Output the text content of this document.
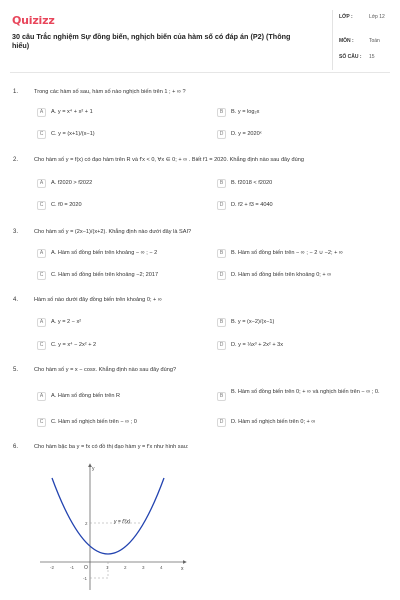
Quizizz
30 câu Trắc nghiệm Sự đồng biến, nghịch biến của hàm số có đáp án (P2) (Thông hiểu)
LỚP :	Lớp 12
MÔN :	Toán
SỐ CÂU : 15
1.	Trong các hàm số sau, hàm số nào nghịch biến trên 1 ; + ∞ ?
A	A. y = x⁴ + x² + 1	B	B. y = log₂x
C	C. y = (x+1)/(x−1)	D	D. y = 2020ˣ
2.	Cho hàm số y = f(x) có đạo hàm trên R và f′x < 0, ∀x ∈ 0; + ∞ . Biết f1 = 2020. Khẳng định nào sau đây đúng
A	A. f2020 > f2022	B	B. f2018 < f2020
C	C. f0 = 2020	D	D. f2 + f3 = 4040
3.	Cho hàm số y = (2x−1)/(x+2). Khẳng định nào dưới đây là SAI?
A	A. Hàm số đồng biến trên khoảng − ∞ ; − 2	B	B. Hàm số đồng biến trên − ∞ ; − 2 ∪ −2; + ∞
C	C. Hàm số đồng biến trên khoảng −2; 2017	D	D. Hàm số đồng biến trên khoảng 0; + ∞
4.	Hàm số nào dưới đây đồng biến trên khoảng 0; + ∞
A	A. y = 2 − x²	B	B. y = (x−2)/(x−1)
C	C. y = x⁴ − 2x² + 2	D	D. y = ⅓x³ + 2x² + 3x
5.	Cho hàm số y = x − cosx. Khẳng định nào sau đây đúng?
A	A. Hàm số đồng biến trên R	B
B. Hàm số đồng biến trên 0; + ∞ và nghịch biến trên − ∞ ; 0.
C	C. Hàm số nghịch biến trên − ∞ ; 0	D	D. Hàm số nghịch biến trên 0; + ∞
6.	Cho hàm bậc ba y = fx có đồ thị đạo hàm y = f′x như hình sau:
y
x
O
y = f′(x)
-2	-1	1	2	3	4
2
-1
